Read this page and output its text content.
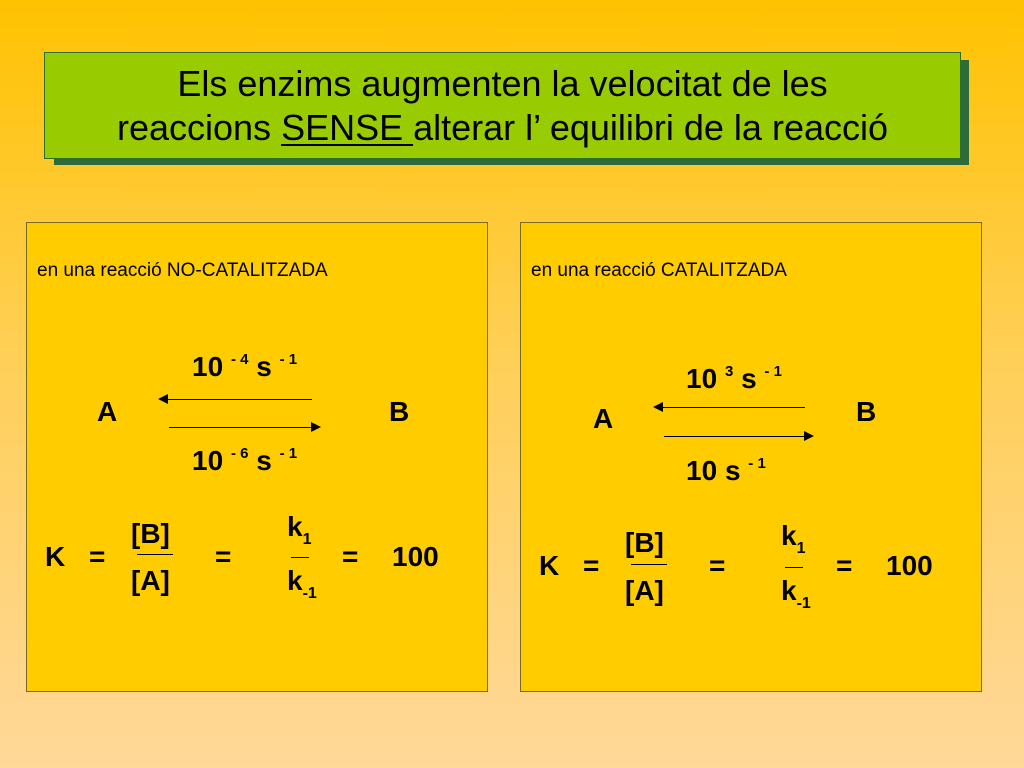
Els enzims augmenten la velocitat de les
reaccions SENSE alterar l’ equilibri de la reacció
en una reacció NO-CATALITZADA
10 $^{- 4}$ s $^{- 1}$
A	B
10 $^{- 6}$ s $^{- 1}$
K =
[B]
[A]
=
$k_1$
$k_{-1}$
= 100
en una reacció CATALITZADA
10 $^3$ s $^{- 1}$
A	B
10 s $^{- 1}$
K =
[B]
[A]
=
$k_1$
$k_{-1}$
= 100
